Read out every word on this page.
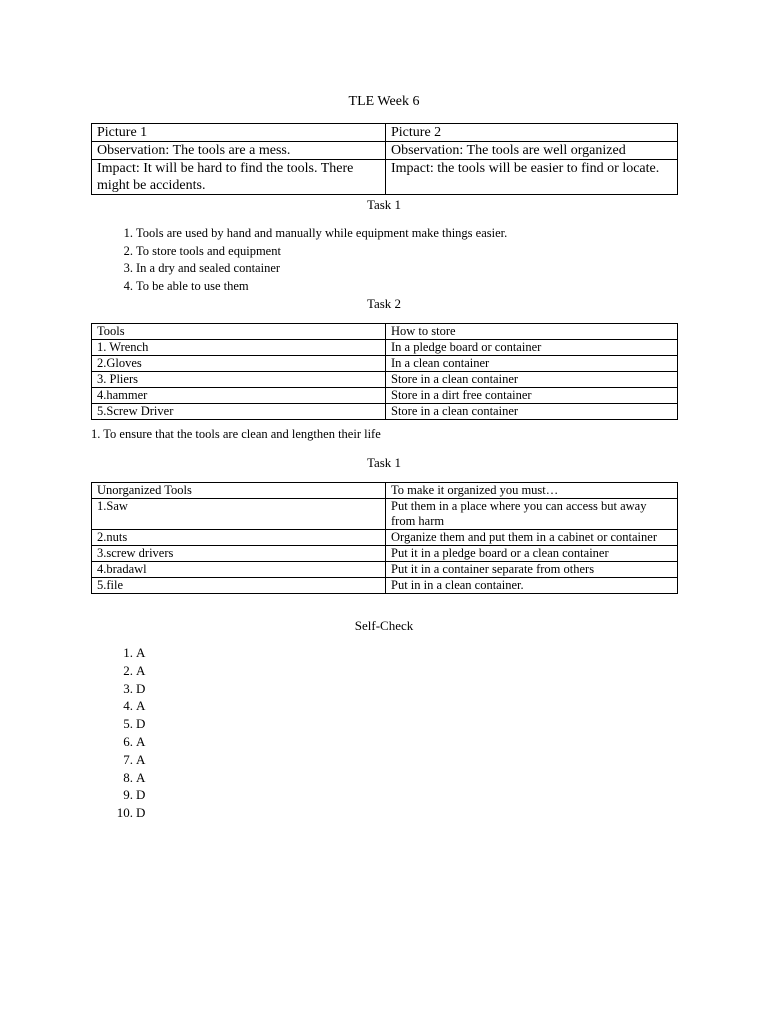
TLE Week 6
Picture 1	Picture 2
Observation: The tools are a mess.	Observation: The tools are well organized
Impact: It will be hard to find the tools. There might be accidents.	Impact: the tools will be easier to find or locate.
Task 1
1. Tools are used by hand and manually while equipment make things easier.
2. To store tools and equipment
3. In a dry and sealed container
4. To be able to use them
Task 2
Tools	How to store
1. Wrench	In a pledge board or container
2.Gloves	In a clean container
3. Pliers	Store in a clean container
4.hammer	Store in a dirt free container
5.Screw Driver	Store in a clean container
1. To ensure that the tools are clean and lengthen their life
Task 1
Unorganized Tools	To make it organized you must…
1.Saw	Put them in a place where you can access but away from harm
2.nuts	Organize them and put them in a cabinet or container
3.screw drivers	Put it in a pledge board or a clean container
4.bradawl	Put it in a container separate from others
5.file	Put in in a clean container.
Self-Check
1. A
2. A
3. D
4. A
5. D
6. A
7. A
8. A
9. D
10. D
